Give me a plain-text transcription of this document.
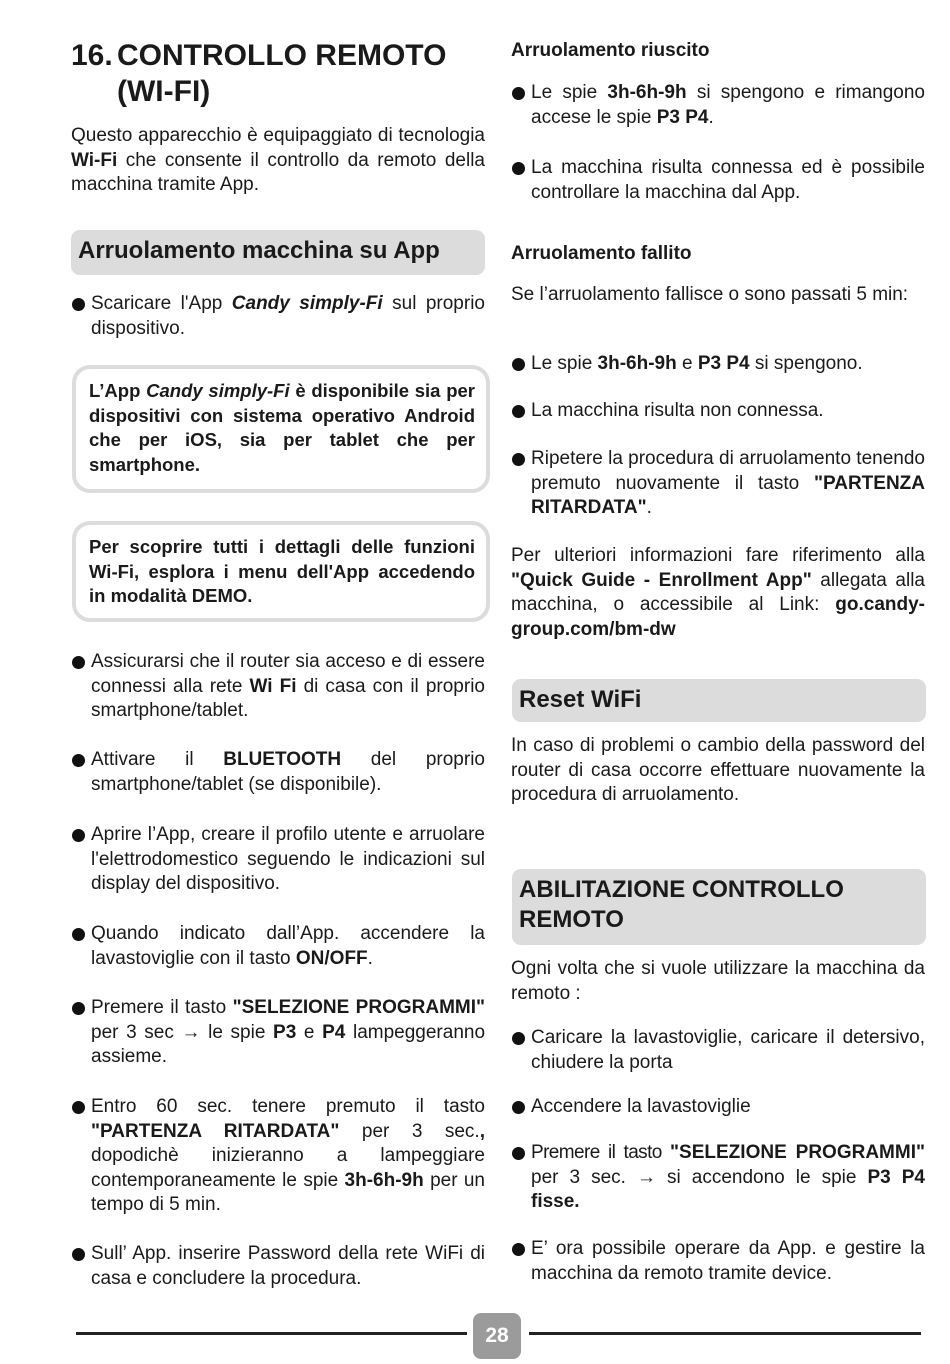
16. CONTROLLO REMOTO
(WI-FI)

Questo apparecchio è equipaggiato di tecnologia Wi-Fi che consente il controllo da remoto della macchina tramite App.

Arruolamento macchina su App

Scaricare l'App Candy simply-Fi sul proprio dispositivo.

L’App Candy simply-Fi è disponibile sia per dispositivi con sistema operativo Android che per iOS, sia per tablet che per smartphone.
Per scoprire tutti i dettagli delle funzioni Wi-Fi, esplora i menu dell'App accedendo in modalità DEMO.

Assicurarsi che il router sia acceso e di essere connessi alla rete Wi Fi di casa con il proprio smartphone/tablet.

Attivare il BLUETOOTH del proprio smartphone/tablet (se disponibile).

Aprire l’App, creare il profilo utente e arruolare l'elettrodomestico seguendo le indicazioni sul display del dispositivo.

Quando indicato dall’App. accendere la lavastoviglie con il tasto ON/OFF.

Premere il tasto "SELEZIONE PROGRAMMI" per 3 sec → le spie P3 e P4 lampeggeranno assieme.

Entro 60 sec. tenere premuto il tasto "PARTENZA RITARDATA" per 3 sec., dopodichè inizieranno a lampeggiare contemporaneamente le spie 3h-6h-9h per un tempo di 5 min.

Sull’ App. inserire Password della rete WiFi di casa e concludere la procedura.

Arruolamento riuscito

Le spie 3h-6h-9h si spengono e rimangono accese le spie P3 P4.

La macchina risulta connessa ed è possibile controllare la macchina dal App.

Arruolamento fallito

Se l’arruolamento fallisce o sono passati 5 min:

Le spie 3h-6h-9h e P3 P4 si spengono.

La macchina risulta non connessa.

Ripetere la procedura di arruolamento tenendo premuto nuovamente il tasto "PARTENZA RITARDATA".

Per ulteriori informazioni fare riferimento alla "Quick Guide - Enrollment App" allegata alla macchina, o accessibile al Link: go.candy-group.com/bm-dw

Reset WiFi

In caso di problemi o cambio della password del router di casa occorre effettuare nuovamente la procedura di arruolamento.

ABILITAZIONE CONTROLLO
REMOTO

Ogni volta che si vuole utilizzare la macchina da remoto :

Caricare la lavastoviglie, caricare il detersivo, chiudere la porta

Accendere la lavastoviglie

Premere il tasto "SELEZIONE PROGRAMMI" per 3 sec. → si accendono le spie P3 P4 fisse.

E’ ora possibile operare da App. e gestire la macchina da remoto tramite device.

28
